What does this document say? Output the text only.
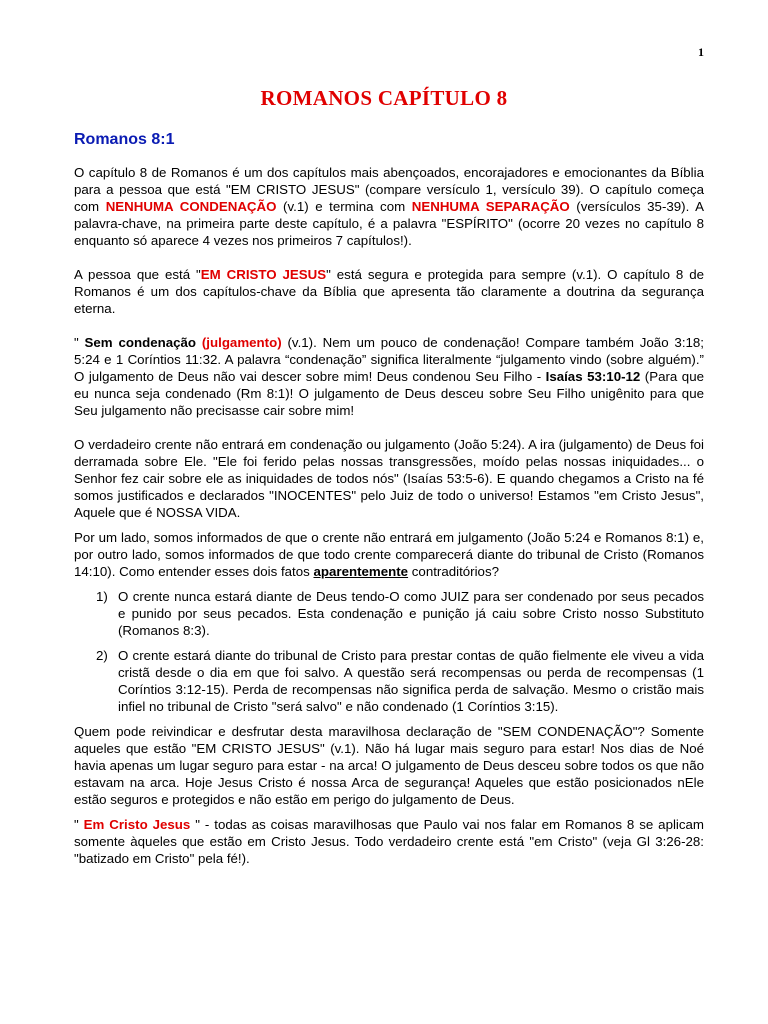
1
ROMANOS CAPÍTULO 8
Romanos 8:1

O capítulo 8 de Romanos é um dos capítulos mais abençoados, encorajadores e emocionantes da Bíblia para a pessoa que está "EM CRISTO JESUS" (compare versículo 1, versículo 39). O capítulo começa com NENHUMA CONDENAÇÃO (v.1) e termina com NENHUMA SEPARAÇÃO (versículos 35-39). A palavra-chave, na primeira parte deste capítulo, é a palavra "ESPÍRITO" (ocorre 20 vezes no capítulo 8 enquanto só aparece 4 vezes nos primeiros 7 capítulos!).

A pessoa que está "EM CRISTO JESUS" está segura e protegida para sempre (v.1). O capítulo 8 de Romanos é um dos capítulos-chave da Bíblia que apresenta tão claramente a doutrina da segurança eterna.

" Sem condenação (julgamento) (v.1). Nem um pouco de condenação! Compare também João 3:18; 5:24 e 1 Coríntios 11:32. A palavra “condenação” significa literalmente “julgamento vindo (sobre alguém).” O julgamento de Deus não vai descer sobre mim! Deus condenou Seu Filho - Isaías 53:10-12 (Para que eu nunca seja condenado (Rm 8:1)! O julgamento de Deus desceu sobre Seu Filho unigênito para que Seu julgamento não precisasse cair sobre mim!

O verdadeiro crente não entrará em condenação ou julgamento (João 5:24). A ira (julgamento) de Deus foi derramada sobre Ele. "Ele foi ferido pelas nossas transgressões, moído pelas nossas iniquidades... o Senhor fez cair sobre ele as iniquidades de todos nós" (Isaías 53:5-6). E quando chegamos a Cristo na fé somos justificados e declarados "INOCENTES" pelo Juiz de todo o universo! Estamos "em Cristo Jesus", Aquele que é NOSSA VIDA.

Por um lado, somos informados de que o crente não entrará em julgamento (João 5:24 e Romanos 8:1) e, por outro lado, somos informados de que todo crente comparecerá diante do tribunal de Cristo (Romanos 14:10). Como entender esses dois fatos aparentemente contraditórios?

1) O crente nunca estará diante de Deus tendo-O como JUIZ para ser condenado por seus pecados e punido por seus pecados. Esta condenação e punição já caiu sobre Cristo nosso Substituto (Romanos 8:3).
2) O crente estará diante do tribunal de Cristo para prestar contas de quão fielmente ele viveu a vida cristã desde o dia em que foi salvo. A questão será recompensas ou perda de recompensas (1 Coríntios 3:12-15). Perda de recompensas não significa perda de salvação. Mesmo o cristão mais infiel no tribunal de Cristo "será salvo" e não condenado (1 Coríntios 3:15).

Quem pode reivindicar e desfrutar desta maravilhosa declaração de "SEM CONDENAÇÃO"? Somente aqueles que estão "EM CRISTO JESUS" (v.1). Não há lugar mais seguro para estar! Nos dias de Noé havia apenas um lugar seguro para estar - na arca! O julgamento de Deus desceu sobre todos os que não estavam na arca. Hoje Jesus Cristo é nossa Arca de segurança! Aqueles que estão posicionados nEle estão seguros e protegidos e não estão em perigo do julgamento de Deus.

" Em Cristo Jesus " - todas as coisas maravilhosas que Paulo vai nos falar em Romanos 8 se aplicam somente àqueles que estão em Cristo Jesus. Todo verdadeiro crente está "em Cristo" (veja Gl 3:26-28: "batizado em Cristo" pela fé!).
